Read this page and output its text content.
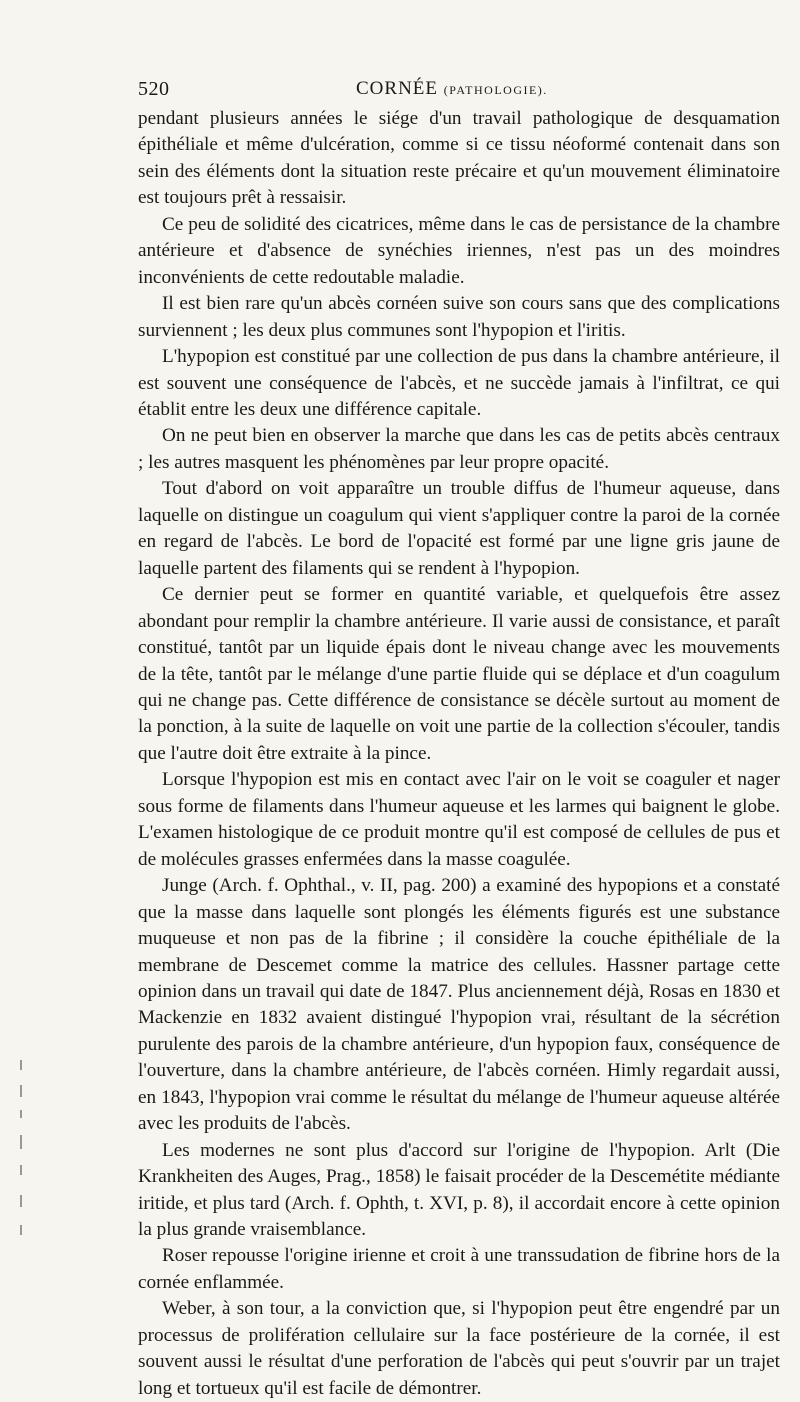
520	CORNÉE (PATHOLOGIE).

pendant plusieurs années le siége d'un travail pathologique de desquamation épithéliale et même d'ulcération, comme si ce tissu néoformé contenait dans son sein des éléments dont la situation reste précaire et qu'un mouvement éliminatoire est toujours prêt à ressaisir.

Ce peu de solidité des cicatrices, même dans le cas de persistance de la chambre antérieure et d'absence de synéchies iriennes, n'est pas un des moindres inconvénients de cette redoutable maladie.

Il est bien rare qu'un abcès cornéen suive son cours sans que des complications surviennent ; les deux plus communes sont l'hypopion et l'iritis.

L'hypopion est constitué par une collection de pus dans la chambre antérieure, il est souvent une conséquence de l'abcès, et ne succède jamais à l'infiltrat, ce qui établit entre les deux une différence capitale.

On ne peut bien en observer la marche que dans les cas de petits abcès centraux ; les autres masquent les phénomènes par leur propre opacité.

Tout d'abord on voit apparaître un trouble diffus de l'humeur aqueuse, dans laquelle on distingue un coagulum qui vient s'appliquer contre la paroi de la cornée en regard de l'abcès. Le bord de l'opacité est formé par une ligne gris jaune de laquelle partent des filaments qui se rendent à l'hypopion.

Ce dernier peut se former en quantité variable, et quelquefois être assez abondant pour remplir la chambre antérieure. Il varie aussi de consistance, et paraît constitué, tantôt par un liquide épais dont le niveau change avec les mouvements de la tête, tantôt par le mélange d'une partie fluide qui se déplace et d'un coagulum qui ne change pas. Cette différence de consistance se décèle surtout au moment de la ponction, à la suite de laquelle on voit une partie de la collection s'écouler, tandis que l'autre doit être extraite à la pince.

Lorsque l'hypopion est mis en contact avec l'air on le voit se coaguler et nager sous forme de filaments dans l'humeur aqueuse et les larmes qui baignent le globe. L'examen histologique de ce produit montre qu'il est composé de cellules de pus et de molécules grasses enfermées dans la masse coagulée.

Junge (Arch. f. Ophthal., v. II, pag. 200) a examiné des hypopions et a constaté que la masse dans laquelle sont plongés les éléments figurés est une substance muqueuse et non pas de la fibrine ; il considère la couche épithéliale de la membrane de Descemet comme la matrice des cellules. Hassner partage cette opinion dans un travail qui date de 1847. Plus anciennement déjà, Rosas en 1830 et Mackenzie en 1832 avaient distingué l'hypopion vrai, résultant de la sécrétion purulente des parois de la chambre antérieure, d'un hypopion faux, conséquence de l'ouverture, dans la chambre antérieure, de l'abcès cornéen. Himly regardait aussi, en 1843, l'hypopion vrai comme le résultat du mélange de l'humeur aqueuse altérée avec les produits de l'abcès.

Les modernes ne sont plus d'accord sur l'origine de l'hypopion. Arlt (Die Krankheiten des Auges, Prag., 1858) le faisait procéder de la Descemétite médiante iritide, et plus tard (Arch. f. Ophth, t. XVI, p. 8), il accordait encore à cette opinion la plus grande vraisemblance.

Roser repousse l'origine irienne et croit à une transsudation de fibrine hors de la cornée enflammée.

Weber, à son tour, a la conviction que, si l'hypopion peut être engendré par un processus de prolifération cellulaire sur la face postérieure de la cornée, il est souvent aussi le résultat d'une perforation de l'abcès qui peut s'ouvrir par un trajet long et tortueux qu'il est facile de démontrer.
